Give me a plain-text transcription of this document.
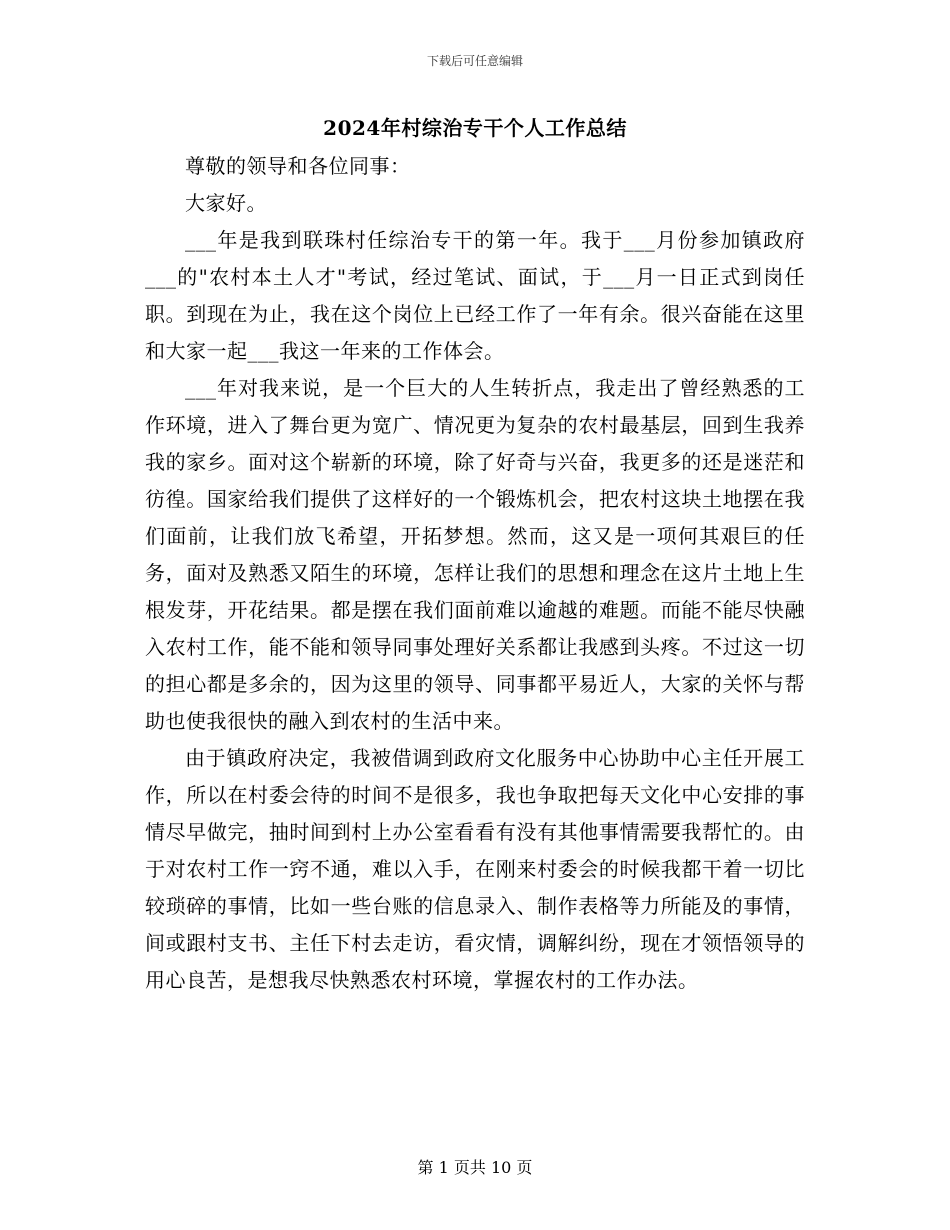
下载后可任意编辑
2024年村综治专干个人工作总结

尊敬的领导和各位同事：

大家好。

___年是我到联珠村任综治专干的第一年。我于___月份参加镇政府___的"农村本土人才"考试，经过笔试、面试，于___月一日正式到岗任职。到现在为止，我在这个岗位上已经工作了一年有余。很兴奋能在这里和大家一起___我这一年来的工作体会。

___年对我来说，是一个巨大的人生转折点，我走出了曾经熟悉的工作环境，进入了舞台更为宽广、情况更为复杂的农村最基层，回到生我养我的家乡。面对这个崭新的环境，除了好奇与兴奋，我更多的还是迷茫和彷徨。国家给我们提供了这样好的一个锻炼机会，把农村这块土地摆在我们面前，让我们放飞希望，开拓梦想。然而，这又是一项何其艰巨的任务，面对及熟悉又陌生的环境，怎样让我们的思想和理念在这片土地上生根发芽，开花结果。都是摆在我们面前难以逾越的难题。而能不能尽快融入农村工作，能不能和领导同事处理好关系都让我感到头疼。不过这一切的担心都是多余的，因为这里的领导、同事都平易近人，大家的关怀与帮助也使我很快的融入到农村的生活中来。

由于镇政府决定，我被借调到政府文化服务中心协助中心主任开展工作，所以在村委会待的时间不是很多，我也争取把每天文化中心安排的事情尽早做完，抽时间到村上办公室看看有没有其他事情需要我帮忙的。由于对农村工作一窍不通，难以入手，在刚来村委会的时候我都干着一切比较琐碎的事情，比如一些台账的信息录入、制作表格等力所能及的事情，间或跟村支书、主任下村去走访，看灾情，调解纠纷，现在才领悟领导的用心良苦，是想我尽快熟悉农村环境，掌握农村的工作办法。

第 1 页共 10 页
